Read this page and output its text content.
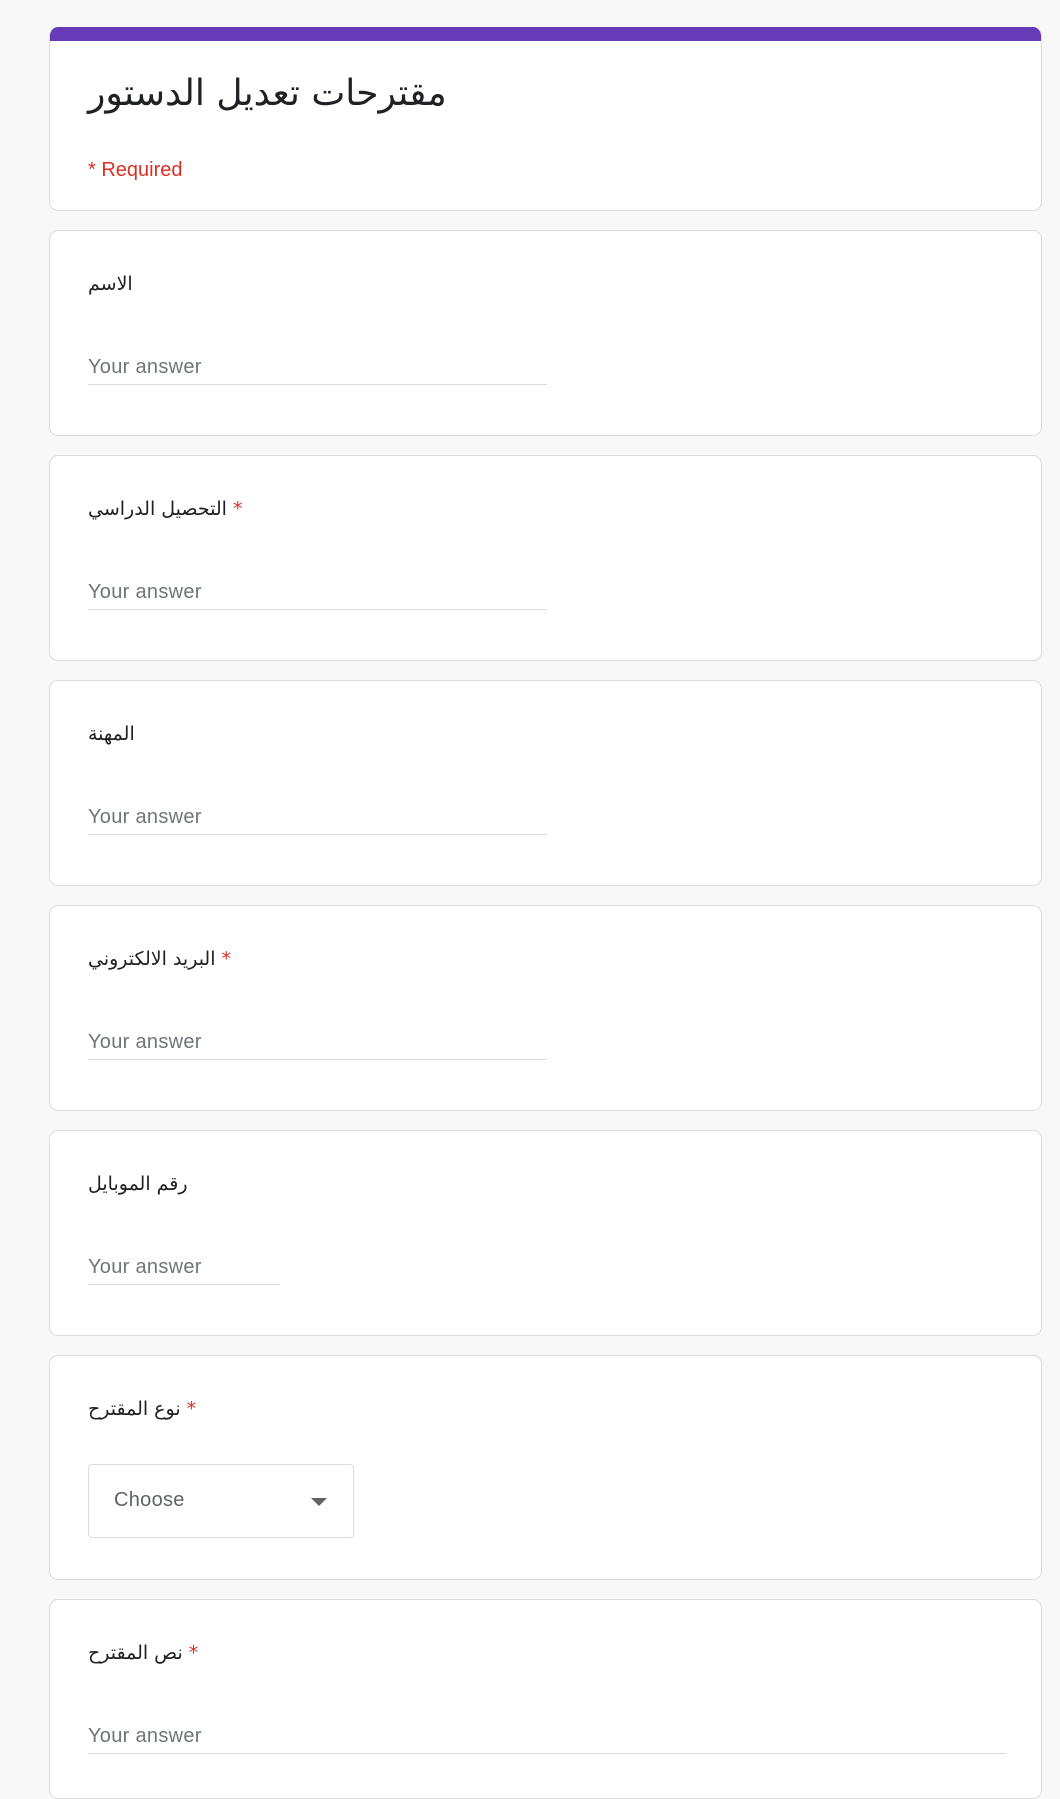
مقترحات تعديل الدستور
* Required
الاسم
Your answer
التحصيل الدراسي *
Your answer
المهنة
Your answer
البريد الالكتروني *
Your answer
رقم الموبايل
Your answer
نوع المقترح *
Choose
نص المقترح *
Your answer
